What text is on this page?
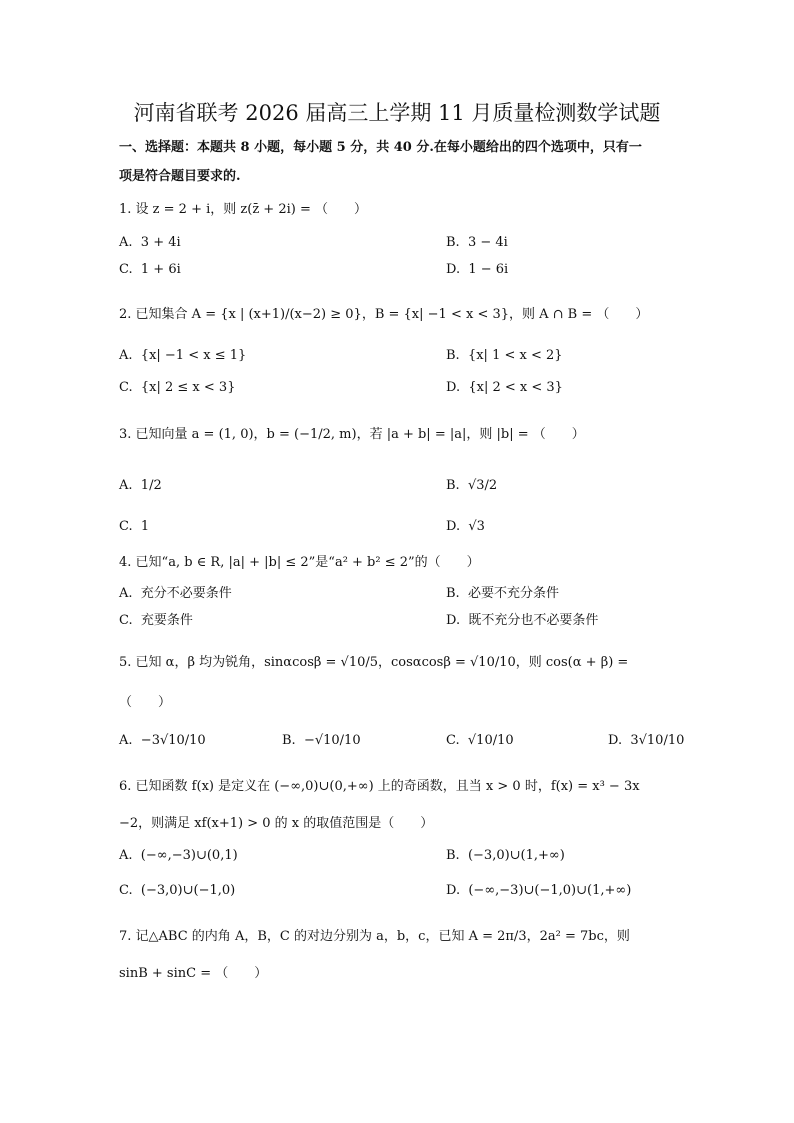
河南省联考 2026 届高三上学期 11 月质量检测数学试题
一、选择题：本题共 8 小题，每小题 5 分，共 40 分.在每小题给出的四个选项中，只有一
项是符合题目要求的.
1. 设 z = 2 + i，则 z(z̄ + 2i) = （　　）
A.  3 + 4i	B.  3 − 4i
C.  1 + 6i	D.  1 − 6i
2. 已知集合 A = {x | (x+1)/(x−2) ≥ 0}，B = {x| −1 < x < 3}，则 A ∩ B = （　　）
A.  {x| −1 < x ≤ 1}	B.  {x| 1 < x < 2}
C.  {x| 2 ≤ x < 3}	D.  {x| 2 < x < 3}
3. 已知向量 a = (1, 0)，b = (−1/2, m)，若 |a + b| = |a|，则 |b| = （　　）
A.  1/2	B.  √3/2
C.  1	D.  √3
4. 已知“a, b ∈ R, |a| + |b| ≤ 2”是“a² + b² ≤ 2”的（　　）
A.  充分不必要条件	B.  必要不充分条件
C.  充要条件	D.  既不充分也不必要条件
5. 已知 α，β 均为锐角，sinαcosβ = √10/5，cosαcosβ = √10/10，则 cos(α + β) =
（　　）
A.  −3√10/10	B.  −√10/10	C.  √10/10	D.  3√10/10
6. 已知函数 f(x) 是定义在 (−∞,0)∪(0,+∞) 上的奇函数，且当 x > 0 时，f(x) = x³ − 3x
−2，则满足 xf(x+1) > 0 的 x 的取值范围是（　　）
A.  (−∞,−3)∪(0,1)	B.  (−3,0)∪(1,+∞)
C.  (−3,0)∪(−1,0)	D.  (−∞,−3)∪(−1,0)∪(1,+∞)
7. 记△ABC 的内角 A，B，C 的对边分别为 a，b，c，已知 A = 2π/3，2a² = 7bc，则
sinB + sinC = （　　）
